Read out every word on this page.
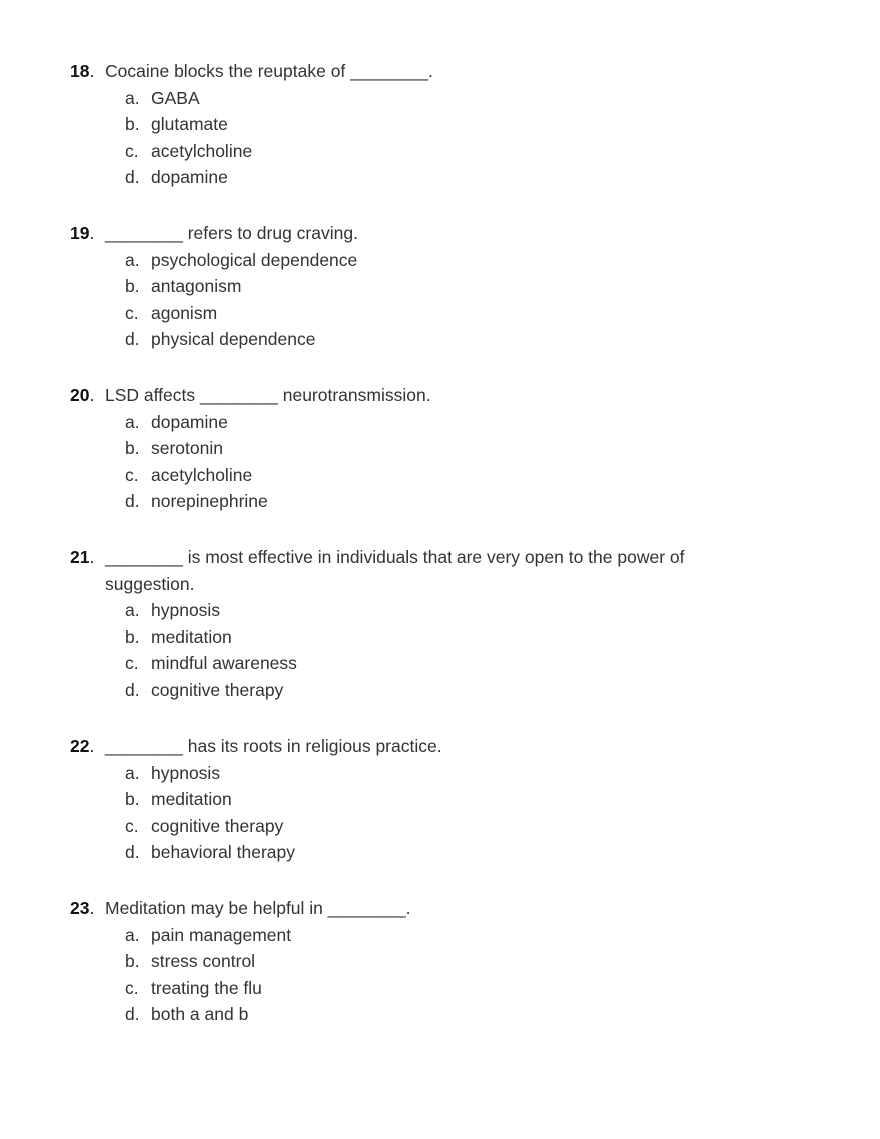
18. Cocaine blocks the reuptake of ________.
a. GABA
b. glutamate
c. acetylcholine
d. dopamine
19. ________ refers to drug craving.
a. psychological dependence
b. antagonism
c. agonism
d. physical dependence
20. LSD affects ________ neurotransmission.
a. dopamine
b. serotonin
c. acetylcholine
d. norepinephrine
21. ________ is most effective in individuals that are very open to the power of suggestion.
a. hypnosis
b. meditation
c. mindful awareness
d. cognitive therapy
22. ________ has its roots in religious practice.
a. hypnosis
b. meditation
c. cognitive therapy
d. behavioral therapy
23. Meditation may be helpful in ________.
a. pain management
b. stress control
c. treating the flu
d. both a and b
